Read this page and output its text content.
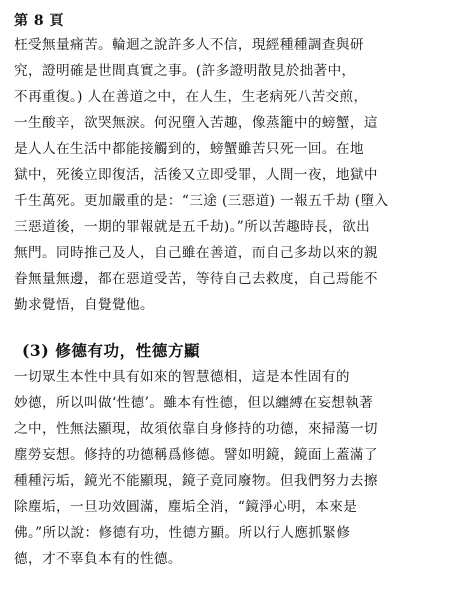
第 8 頁
枉受無量痛苦。輪迴之說許多人不信，現經種種調查與研
究，證明確是世間真實之事。(許多證明散見於拙著中，
不再重復。) 人在善道之中，在人生，生老病死八苦交煎，
一生酸辛，欲哭無淚。何況墮入苦趣，像蒸籠中的螃蟹，這
是人人在生活中都能接觸到的，螃蟹雖苦只死一回。在地
獄中，死後立即復活，活後又立即受罪，人間一夜，地獄中
千生萬死。更加嚴重的是：“三途 (三惡道) 一報五千劫 (墮入
三惡道後，一期的罪報就是五千劫)。”所以苦趣時長，欲出
無門。同時推己及人，自己雖在善道，而自己多劫以來的親
眷無量無邊，都在惡道受苦，等待自己去救度，自己焉能不
勤求覺悟，自覺覺他。
(3) 修德有功，性德方顯
一切眾生本性中具有如來的智慧德相，這是本性固有的
妙德，所以叫做‘性德’。雖本有性德，但以纏縛在妄想執著
之中，性無法顯現，故須依靠自身修持的功德，來掃蕩一切
塵勞妄想。修持的功德稱爲修德。譬如明鏡，鏡面上蓋滿了
種種污垢，鏡光不能顯現，鏡子竟同廢物。但我們努力去擦
除塵垢，一旦功效圓滿，塵垢全消，“鏡淨心明，本來是
佛。”所以說：修德有功，性德方顯。所以行人應抓緊修
德，才不辜負本有的性德。
